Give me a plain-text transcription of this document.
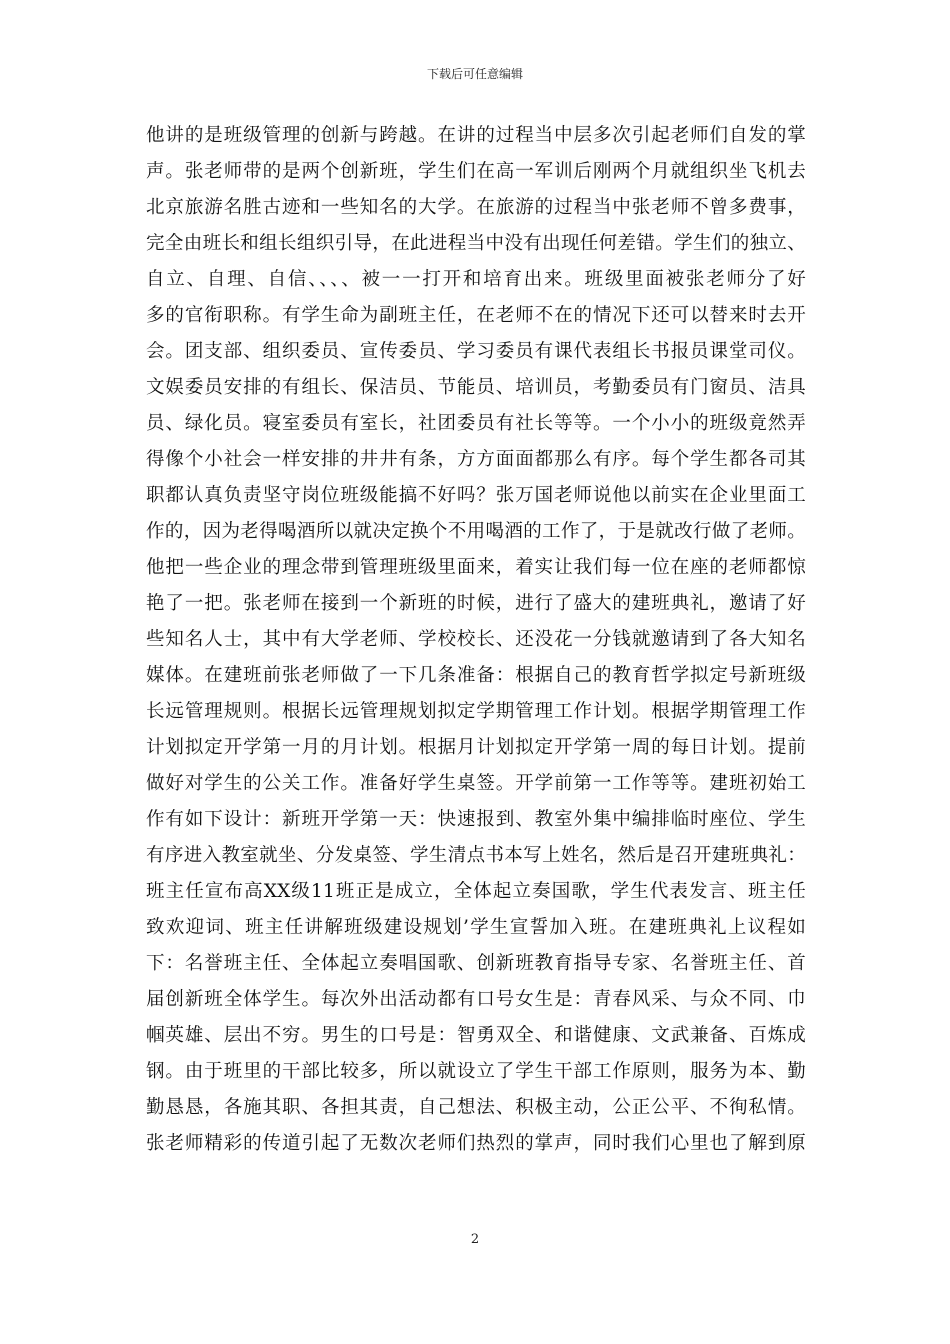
下载后可任意编辑
他讲的是班级管理的创新与跨越。在讲的过程当中层多次引起老师们自发的掌
声。张老师带的是两个创新班，学生们在高一军训后刚两个月就组织坐飞机去
北京旅游名胜古迹和一些知名的大学。在旅游的过程当中张老师不曾多费事，
完全由班长和组长组织引导，在此进程当中没有出现任何差错。学生们的独立、
自立、自理、自信、、、、被一一打开和培育出来。班级里面被张老师分了好
多的官衔职称。有学生命为副班主任，在老师不在的情况下还可以替来时去开
会。团支部、组织委员、宣传委员、学习委员有课代表组长书报员课堂司仪。
文娱委员安排的有组长、保洁员、节能员、培训员，考勤委员有门窗员、洁具
员、绿化员。寝室委员有室长，社团委员有社长等等。一个小小的班级竟然弄
得像个小社会一样安排的井井有条，方方面面都那么有序。每个学生都各司其
职都认真负责坚守岗位班级能搞不好吗？张万国老师说他以前实在企业里面工
作的，因为老得喝酒所以就决定换个不用喝酒的工作了，于是就改行做了老师。
他把一些企业的理念带到管理班级里面来，着实让我们每一位在座的老师都惊
艳了一把。张老师在接到一个新班的时候，进行了盛大的建班典礼，邀请了好
些知名人士，其中有大学老师、学校校长、还没花一分钱就邀请到了各大知名
媒体。在建班前张老师做了一下几条准备：根据自己的教育哲学拟定号新班级
长远管理规则。根据长远管理规划拟定学期管理工作计划。根据学期管理工作
计划拟定开学第一月的月计划。根据月计划拟定开学第一周的每日计划。提前
做好对学生的公关工作。准备好学生桌签。开学前第一工作等等。建班初始工
作有如下设计：新班开学第一天：快速报到、教室外集中编排临时座位、学生
有序进入教室就坐、分发桌签、学生清点书本写上姓名，然后是召开建班典礼：
班主任宣布高XX级11班正是成立，全体起立奏国歌，学生代表发言、班主任
致欢迎词、班主任讲解班级建设规划’学生宣誓加入班。在建班典礼上议程如
下：名誉班主任、全体起立奏唱国歌、创新班教育指导专家、名誉班主任、首
届创新班全体学生。每次外出活动都有口号女生是：青春风采、与众不同、巾
帼英雄、层出不穷。男生的口号是：智勇双全、和谐健康、文武兼备、百炼成
钢。由于班里的干部比较多，所以就设立了学生干部工作原则，服务为本、勤
勤恳恳，各施其职、各担其责，自己想法、积极主动，公正公平、不徇私情。
张老师精彩的传道引起了无数次老师们热烈的掌声，同时我们心里也了解到原
2
